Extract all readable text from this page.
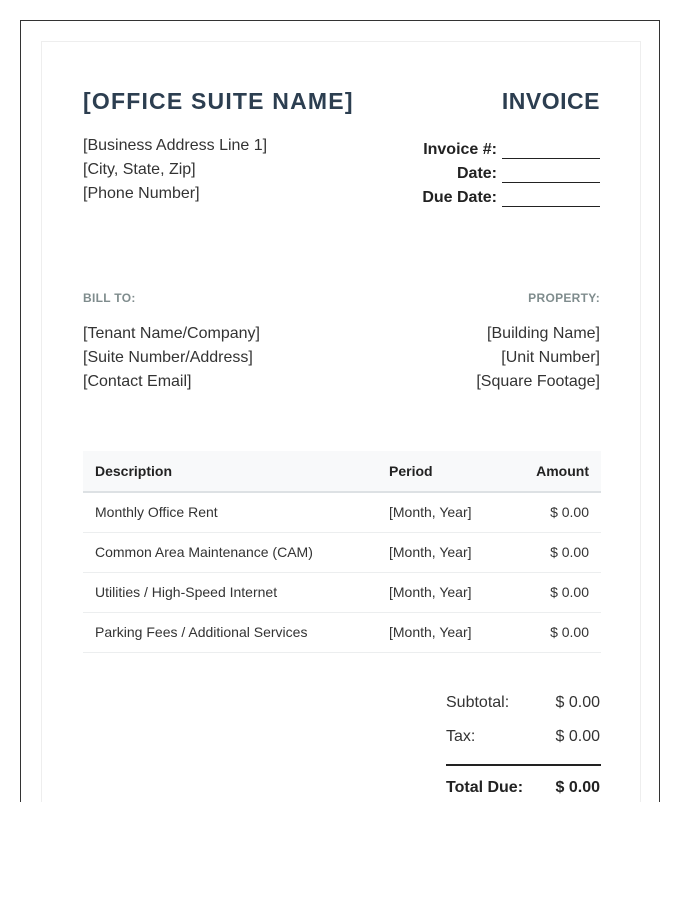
[OFFICE SUITE NAME]	INVOICE
[Business Address Line 1]
[City, State, Zip]
[Phone Number]
Invoice #:
Date:
Due Date:
BILL TO:	PROPERTY:
[Tenant Name/Company]
[Suite Number/Address]
[Contact Email]
[Building Name]
[Unit Number]
[Square Footage]
Description	Period	Amount
Monthly Office Rent	[Month, Year]	$ 0.00
Common Area Maintenance (CAM)	[Month, Year]	$ 0.00
Utilities / High-Speed Internet	[Month, Year]	$ 0.00
Parking Fees / Additional Services	[Month, Year]	$ 0.00
Subtotal:	$ 0.00
Tax:	$ 0.00
Total Due: $ 0.00
